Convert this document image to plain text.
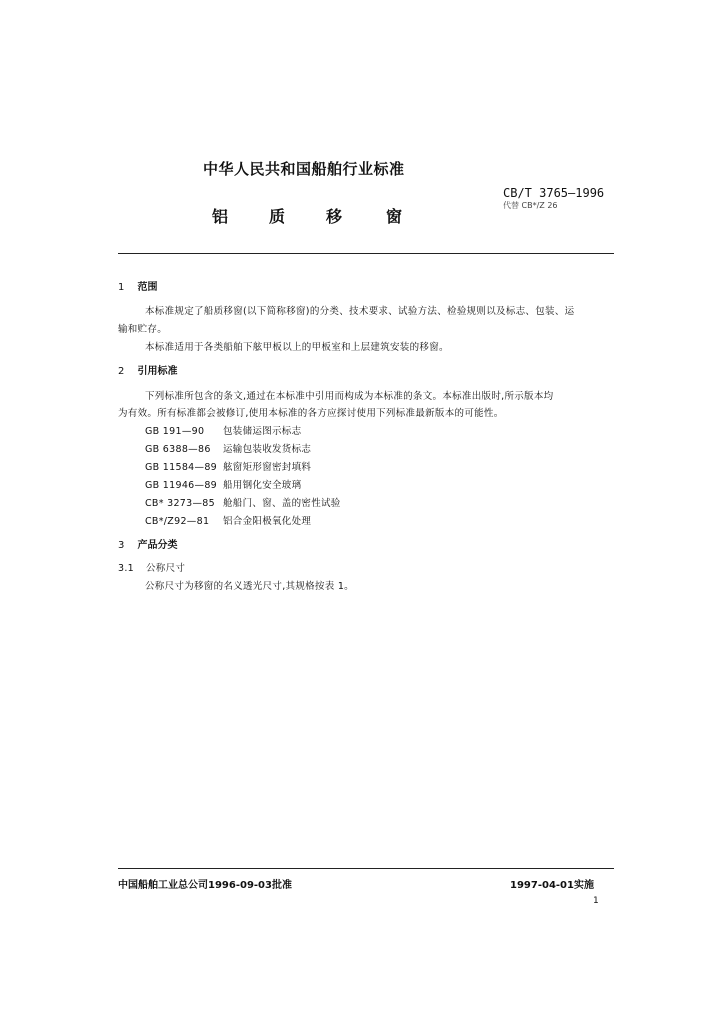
中华人民共和国船舶行业标准
铝	质	移	窗
CB/T 3765—1996
代替 CB*/Z 26
1 范围
本标准规定了船质移窗(以下简称移窗)的分类、技术要求、试验方法、检验规则以及标志、包装、运
输和贮存。
本标准适用于各类船舶下舷甲板以上的甲板室和上层建筑安装的移窗。
2 引用标准
下列标准所包含的条文,通过在本标准中引用而构成为本标准的条文。本标准出版时,所示版本均
为有效。所有标准都会被修订,使用本标准的各方应探讨使用下列标准最新版本的可能性。
GB 191—90 包装储运图示标志
GB 6388—86 运输包装收发货标志
GB 11584—89 舷窗矩形窗密封填料
GB 11946—89 船用钢化安全玻璃
CB* 3273—85 舱船门、窗、盖的密性试验
CB*/Z92—81 铝合金阳极氧化处理
3 产品分类
3.1 公称尺寸
公称尺寸为移窗的名义透光尺寸,其规格按表 1。
中国船舶工业总公司1996-09-03批准	1997-04-01实施
1
